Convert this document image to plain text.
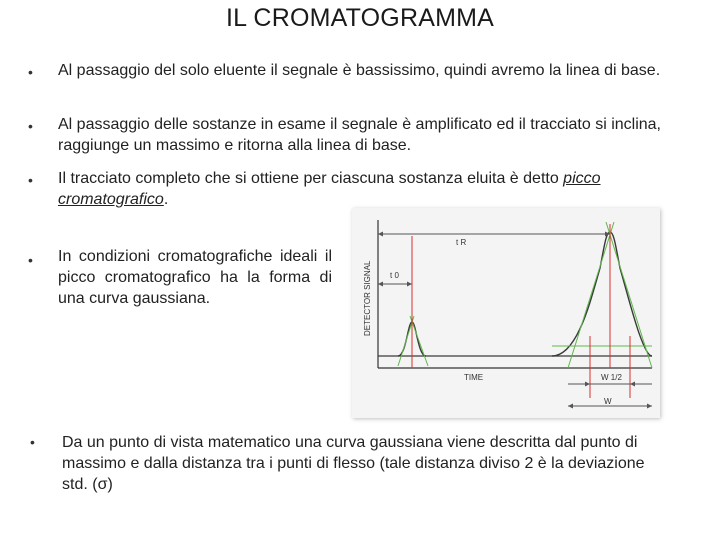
IL CROMATOGRAMMA
• Al passaggio del solo eluente il segnale è bassissimo, quindi avremo la linea di base.
• Al passaggio delle sostanze in esame il segnale è amplificato ed il tracciato si inclina, raggiunge un massimo e ritorna alla linea di base.
• Il tracciato completo che si ottiene per ciascuna sostanza eluita è detto picco cromatografico.
• In condizioni cromatografiche ideali il picco cromatografico ha la forma di una curva gaussiana.
• Da un punto di vista matematico una curva gaussiana viene descritta dal punto di massimo e dalla distanza tra i punti di flesso (tale distanza diviso 2 è la deviazione std. (σ)
DETECTOR SIGNAL
TIME
t R
t 0
W 1/2
W
